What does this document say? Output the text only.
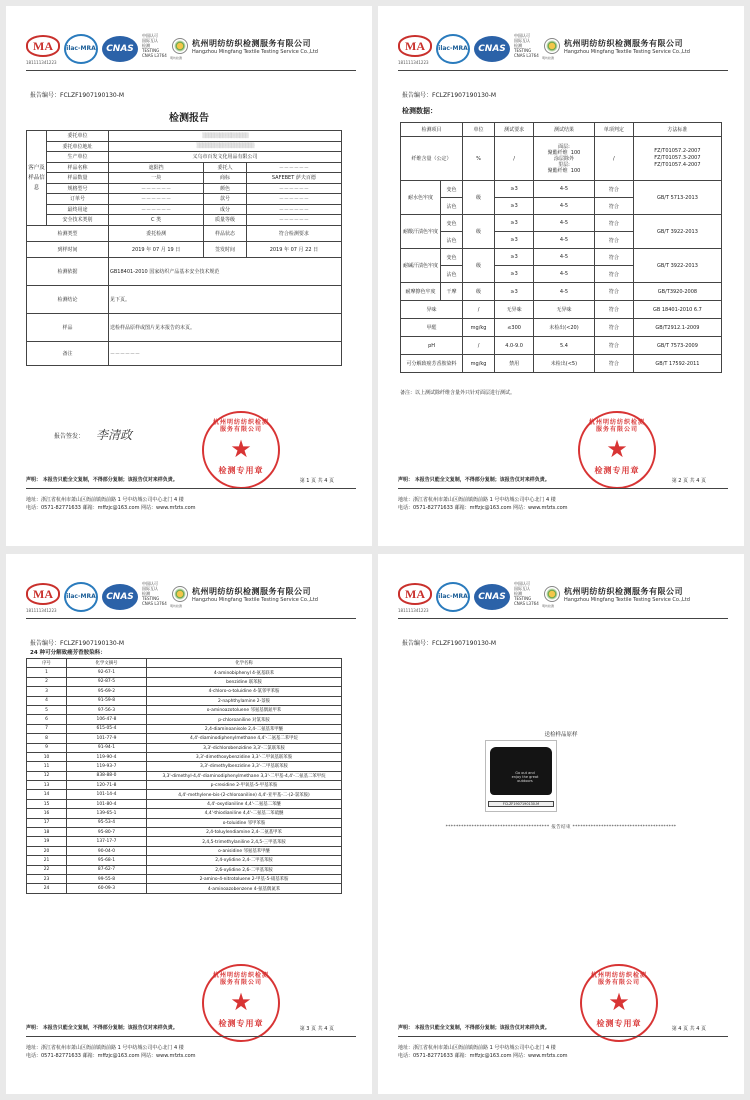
MA
181111341223
ilac-MRA	CNAS
中国认可
国际互认
检测
TESTING
CNAS L3764 明坊检测
杭州明纺纺织检测服务有限公司
Hangzhou Mingfang Textile Testing Service Co.,Ltd
报告编号：FCLZF1907190130-M
检测报告
客户及样品信息	委托单位	▒▒▒▒▒▒▒▒▒▒▒▒▒▒▒▒		
	委托单位地址	▒▒▒▒▒▒▒▒▒▒▒▒▒▒▒▒▒▒▒▒		
	生产单位	义乌市百发文化用品有限公司		
	样品名称	遮阳挡	委托人	－－－－－－
	样品数量	一块	商标	SAFEBET 萨夫百德
	规格型号	－－－－－－	颜色	－－－－－－
	订单号	－－－－－－	款号	－－－－－－
	最终用途	－－－－－－	成分	－－－－－－
	安全技术类别	C 类	质量等级	－－－－－－
检测类型		委托检测	样品状态	符合检测要求
到样时间		2019 年 07 月 19 日	签发时间	2019 年 07 月 22 日
检测依据		GB18401-2010 国家纺织产品基本安全技术规范		
检测结论		见下页。		
样品		送检样品原样或图片见本报告的末页。		
备注		－－－－－－		
报告签发： 李清政
杭州明纺纺织检测服务有限公司
★
检测专用章
声明： 本报告只能全文复制，不得部分复制；该报告仅对来样负责。	第 1 页 共 4 页
地址：浙江省杭州市萧山区衙前镇衙前路 1 号中纺城公司中心北门 4 楼
电话：0571-82771633 邮箱：mffzjc@163.com 网站：www.mfzts.com
MA
181111341223
ilac-MRA	CNAS
中国认可
国际互认
检测
TESTING
CNAS L3764 明坊检测
杭州明纺纺织检测服务有限公司
Hangzhou Mingfang Textile Testing Service Co.,Ltd
报告编号：FCLZF1907190130-M
检测数据：
检测项目		单位	测试要求	测试结果	单项判定	方法标准
纤维含量（公定）		%	/	面层:
聚酯纤维  100
涂层除外
里层:
聚酯纤维  100	/	FZ/T01057.2-2007
FZ/T01057.3-2007
FZ/T01057.4-2007
耐水色牢度	变色	级	≥3	4-5	符合	GB/T 5713-2013
	沾色		≥3	4-5	符合	
耐酸汗渍色牢度	变色	级	≥3	4-5	符合	GB/T 3922-2013
	沾色		≥3	4-5	符合	
耐碱汗渍色牢度	变色	级	≥3	4-5	符合	GB/T 3922-2013
	沾色		≥3	4-5	符合	
耐摩擦色牢度	干摩	级	≥3	4-5	符合	GB/T3920-2008
异味		/	无异味	无异味	符合	GB 18401-2010 6.7
甲醛		mg/kg	≤300	未检出(<20)	符合	GB/T2912.1-2009
pH		/	4.0-9.0	5.4	符合	GB/T 7573-2009
可分解致癌芳香胺染料		mg/kg	禁用	未检出(<5)	符合	GB/T 17592-2011
备注：以上测试除纤维含量外只针对面层进行测试。
杭州明纺纺织检测服务有限公司
★
检测专用章
声明： 本报告只能全文复制，不得部分复制；该报告仅对来样负责。	第 2 页 共 4 页
地址：浙江省杭州市萧山区衙前镇衙前路 1 号中纺城公司中心北门 4 楼
电话：0571-82771633 邮箱：mffzjc@163.com 网站：www.mfzts.com
MA
181111341223
ilac-MRA	CNAS
中国认可
国际互认
检测
TESTING
CNAS L3764 明坊检测
杭州明纺纺织检测服务有限公司
Hangzhou Mingfang Textile Testing Service Co.,Ltd
报告编号：FCLZF1907190130-M
24 种可分解致癌芳香胺染料：
序号	化学文摘号	化学名称
1	92-67-1	4-aminobiphenyl 4-氨基联苯
2	92-87-5	benzidine 联苯胺
3	95-69-2	4-chloro-o-toluidine 4-氯邻甲苯胺
4	91-59-8	2-naphthylamine 2-萘胺
5	97-56-3	o-aminoazotoluene 邻氨基偶氮甲苯
6	106-47-8	p-chloroaniline 对氯苯胺
7	615-05-4	2,4-diaminoanisole 2,4-二氨基苯甲醚
8	101-77-9	4,4'-diaminodiphenylmethane 4,4'-二氨基二苯甲烷
9	91-94-1	3,3'-dichlorobenzidine 3,3'-二氯联苯胺
10	119-90-4	3,3'-dimethoxybenzidine 3,3'-二甲氧基联苯胺
11	119-93-7	3,3'-dimethylbenzidine 3,3'-二甲基联苯胺
12	838-88-0	3,3'-dimethyl-4,4'-diaminodiphenylmethane 3,3'-二甲基-4,4'-二氨基二苯甲烷
13	120-71-8	p-cresidine 2-甲氧基-5-甲基苯胺
14	101-14-4	4,4'-methylene-bis-(2-chloroaniline) 4,4'-亚甲基-二-(2-氯苯胺)
15	101-80-4	4,4'-oxydianiline 4,4'-二氨基二苯醚
16	139-65-1	4,4'-thiodianiline 4,4'-二氨基二苯硫醚
17	95-53-4	o-toluidine 邻甲苯胺
18	95-80-7	2,4-toluylendiamine 2,4-二氨基甲苯
19	137-17-7	2,4,5-trimethylaniline 2,4,5-三甲基苯胺
20	90-04-0	o-anisidine 邻氨基苯甲醚
21	95-68-1	2,4-xylidine 2,4-二甲基苯胺
22	87-62-7	2,6-xylidine 2,6-二甲基苯胺
23	99-55-8	2-amino-4-nitrotoluene 2-甲基-5-硝基苯胺
24	60-09-3	4-aminoazobenzene 4-氨基偶氮苯
杭州明纺纺织检测服务有限公司
★
检测专用章
声明： 本报告只能全文复制，不得部分复制；该报告仅对来样负责。	第 3 页 共 4 页
地址：浙江省杭州市萧山区衙前镇衙前路 1 号中纺城公司中心北门 4 楼
电话：0571-82771633 邮箱：mffzjc@163.com 网站：www.mfzts.com
MA
181111341223
ilac-MRA	CNAS
中国认可
国际互认
检测
TESTING
CNAS L3764 明坊检测
杭州明纺纺织检测服务有限公司
Hangzhou Mingfang Textile Testing Service Co.,Ltd
报告编号：FCLZF1907190130-M
送检样品原样
Go out and enjoy the great outdoors
FCLZF1907190130-M
**************************************** 报告结束 ****************************************
杭州明纺纺织检测服务有限公司
★
检测专用章
声明： 本报告只能全文复制，不得部分复制；该报告仅对来样负责。	第 4 页 共 4 页
地址：浙江省杭州市萧山区衙前镇衙前路 1 号中纺城公司中心北门 4 楼
电话：0571-82771633 邮箱：mffzjc@163.com 网站：www.mfzts.com
